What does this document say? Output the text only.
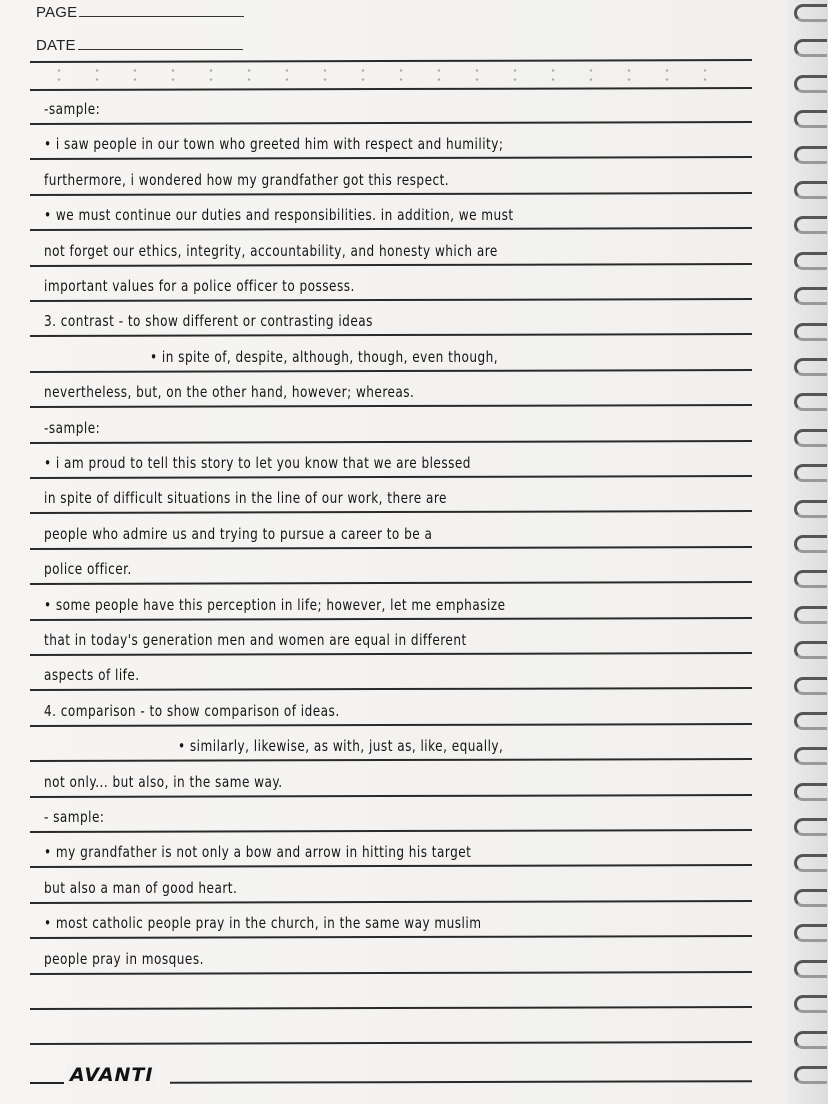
PAGE
DATE
-sample:
• i saw people in our town who greeted him with respect and humility;
furthermore, i wondered how my grandfather got this respect.
• we must continue our duties and responsibilities. in addition, we must
not forget our ethics, integrity, accountability, and honesty which are
important values for a police officer to possess.
3. contrast - to show different or contrasting ideas
• in spite of, despite, although, though, even though,
nevertheless, but, on the other hand, however; whereas.
-sample:
• i am proud to tell this story to let you know that we are blessed
in spite of difficult situations in the line of our work, there are
people who admire us and trying to pursue a career to be a
police officer.
• some people have this perception in life; however, let me emphasize
that in today's generation men and women are equal in different
aspects of life.
4. comparison - to show comparison of ideas.
• similarly, likewise, as with, just as, like, equally,
not only... but also, in the same way.
- sample:
• my grandfather is not only a bow and arrow in hitting his target
but also a man of good heart.
• most catholic people pray in the church, in the same way muslim
people pray in mosques.
AVANTI
